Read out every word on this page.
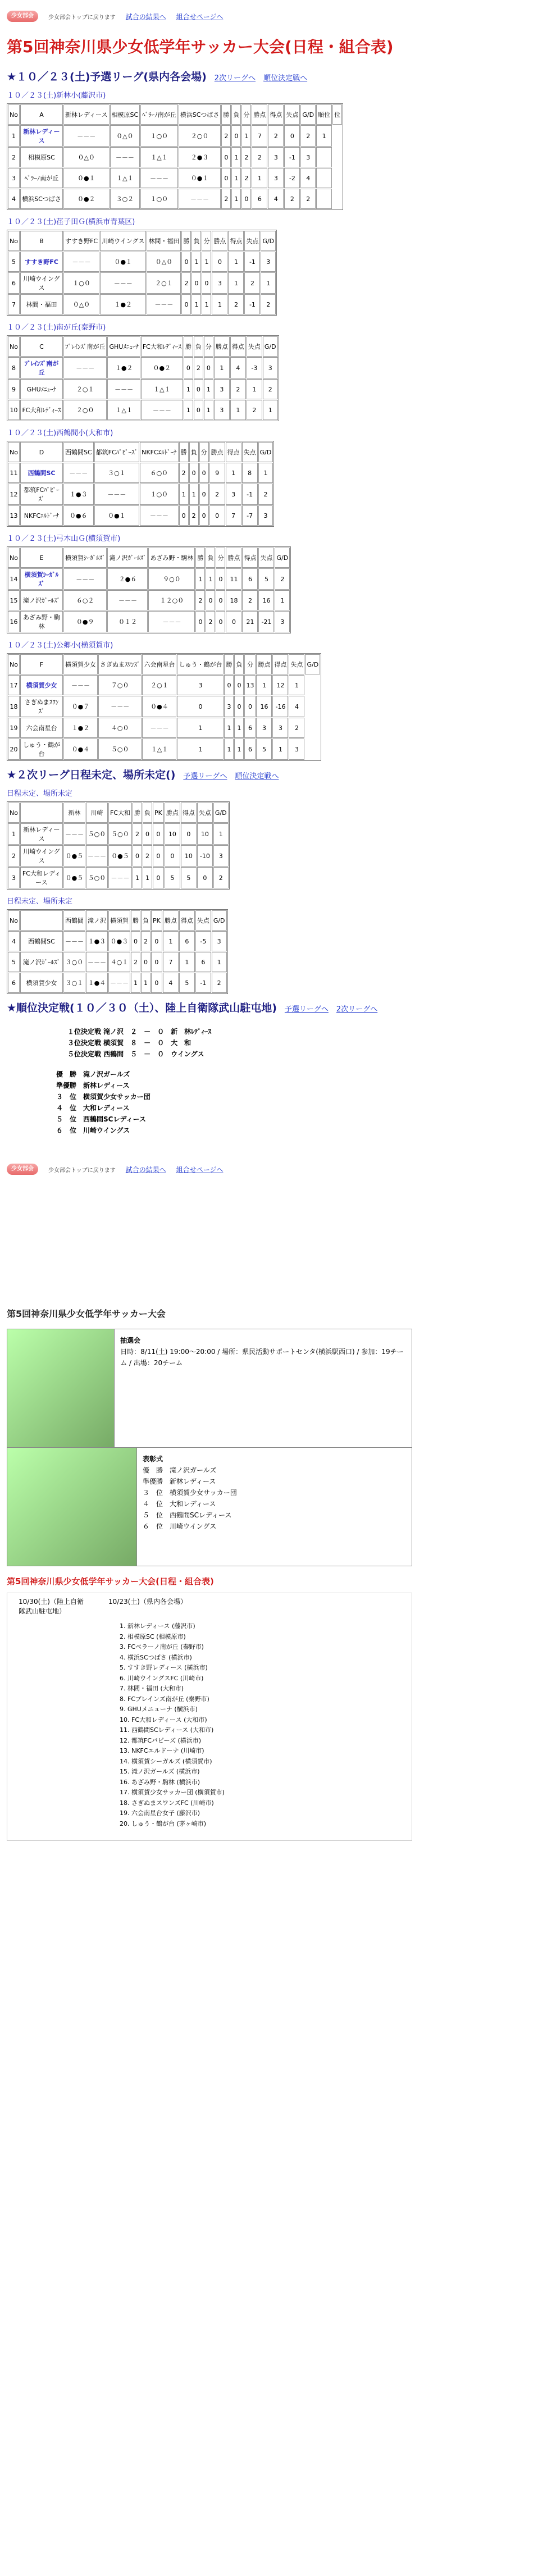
少女部会	少女部会トップに戻ります 試合の結果へ 組合せページへ
第5回神奈川県少女低学年サッカー大会(日程・組合表)
★１０／２３(土)予選リーグ(県内各会場) 2次リーグへ 順位決定戦へ
１０／２３(土)新林小(藤沢市)
No	A	新林レディース	相模原SC	ﾍﾞﾗｰﾉ南が丘	横浜SCつばさ	勝	負	分	勝点	得点	失点	G/D	順位	位
1	新林レディース	－－－	０△０	１○０	２○０	2	0	1	7	2	0	2	1	
2	相模原SC	０△０	－－－	１△１	２●３	0	1	2	2	3	-1	3		
3	ﾍﾞﾗｰﾉ南が丘	０●１	１△１	－－－	０●１	0	1	2	1	3	-2	4		
4	横浜SCつばさ	０●２	３○２	１○０	－－－	2	1	0	6	4	2	2		
１０／２３(土)荏子田Ｇ(横浜市青葉区)
No	B	すすき野FC	川崎ウイングス	林間・福田	勝	負	分	勝点	得点	失点	G/D
5	すすき野FC	－－－	０●１	０△０	0	1	1	0	1	-1	3
6	川崎ウイングス	１○０	－－－	２○１	2	0	0	3	1	2	1
7	林間・福田	０△０	１●２	－－－	0	1	1	1	2	-1	2
１０／２３(土)南が丘(秦野市)
No	C	ﾌﾞﾚｲﾝｽﾞ南が丘	GHUﾒﾆｭｰﾅ	FC大和ﾚﾃﾞｨｰｽ	勝	負	分	勝点	得点	失点	G/D
8	ﾌﾞﾚｲﾝｽﾞ南が丘	－－－	１●２	０●２	0	2	0	1	4	-3	3
9	GHUﾒﾆｭｰﾅ	２○１	－－－	１△１	1	0	1	3	2	1	2
10	FC大和ﾚﾃﾞｨｰｽ	２○０	１△１	－－－	1	0	1	3	1	2	1
１０／２３(土)西鶴間小(大和市)
No	D	西鶴間SC	都筑FCﾊﾟﾋﾟｰｽﾞ	NKFCｴﾙﾄﾞｰﾅ	勝	負	分	勝点	得点	失点	G/D
11	西鶴間SC	－－－	３○１	６○０	2	0	0	9	1	8	1
12	都筑FCﾊﾟﾋﾟｰｽﾞ	１●３	－－－	１○０	1	1	0	2	3	-1	2
13	NKFCｴﾙﾄﾞｰﾅ	０●６	０●１	－－－	0	2	0	0	7	-7	3
１０／２３(土)弓木山Ｇ(横須賀市)
No	E	横須賀ｼｰｶﾞﾙｽﾞ	滝ノ沢ｶﾞｰﾙｽﾞ	あざみ野・駒林	勝	負	分	勝点	得点	失点	G/D
14	横須賀ｼｰｶﾞﾙｽﾞ	－－－	２●６	９○０	1	1	0	11	6	5	2
15	滝ノ沢ｶﾞｰﾙｽﾞ	６○２	－－－	１２○０	2	0	0	18	2	16	1
16	あざみ野・駒林	０●９	０１２	－－－	0	2	0	0	21	-21	3
１０／２３(土)公郷小(横須賀市)
No	F	横須賀少女	さぎぬまｽﾜﾝｽﾞ	六会南星台	しゅう・鶴が台	勝	負	分	勝点	得点	失点	G/D
17	横須賀少女	－－－	７○０	２○１	3	0	0	13	1	12	1	
18	さぎぬまｽﾜﾝｽﾞ	０●７	－－－	０●４	0	3	0	0	16	-16	4	
19	六会南星台	１●２	４○０	－－－	1	1	1	6	3	3	2	
20	しゅう・鶴が台	０●４	５○０	１△１	1	1	1	6	5	1	3	
★２次リーグ日程未定、場所未定() 予選リーグへ 順位決定戦へ
日程未定、場所未定
No		新林	川崎	FC大和	勝	負	PK	勝点	得点	失点	G/D
1	新林レディース	－－－	５○０	５○０	2	0	0	10	0	10	1
2	川崎ウイングス	０●５	－－－	０●５	0	2	0	0	10	-10	3
3	FC大和レディース	０●５	５○０	－－－	1	1	0	5	5	0	2
日程未定、場所未定
No		西鶴間	滝ノ沢	横須賀	勝	負	PK	勝点	得点	失点	G/D
4	西鶴間SC	－－－	１●３	０●３	0	2	0	1	6	-5	3
5	滝ノ沢ｶﾞｰﾙｽﾞ	３○０	－－－	４○１	2	0	0	7	1	6	1
6	横須賀少女	３○１	１●４	－－－	1	1	0	4	5	-1	2
★順位決定戦(１０／３０（土）、陸上自衛隊武山駐屯地) 予選リーグへ 2次リーグへ
１位決定戦 滝ノ沢　２　－　０　新　林ﾚﾃﾞｨｰｽ
３位決定戦 横須賀　８　－　０　大　和
５位決定戦 西鶴間　５　－　０　ウイングス
優　勝　滝ノ沢ガールズ
準優勝　新林レディース
３　位　横須賀少女サッカー団
４　位　大和レディース
５　位　西鶴間SCレディース
６　位　川崎ウイングス
少女部会	少女部会トップに戻ります 試合の結果へ 組合せページへ
第5回神奈川県少女低学年サッカー大会
抽選会
日時：8/11(土) 19:00～20:00 / 場所：県民活動サポートセンタ(横浜駅西口) / 参加：19チーム / 出場：20チーム
表彰式
優　勝　滝ノ沢ガールズ
準優勝　新林レディース
３　位　横須賀少女サッカー団
４　位　大和レディース
５　位　西鶴間SCレディース
６　位　川崎ウイングス
第5回神奈川県少女低学年サッカー大会(日程・組合表)
10/30(土)（陸上自衛隊武山駐屯地）
10/23(土)（県内各会場）
1. 新林レディース (藤沢市)
2. 相模原SC (相模原市)
3. FCベラーノ南が丘 (秦野市)
4. 横浜SCつばさ (横浜市)
5. すすき野レディース (横浜市)
6. 川崎ウイングスFC (川崎市)
7. 林間・福田 (大和市)
8. FCブレインズ南が丘 (秦野市)
9. GHUメニューナ (横浜市)
10. FC大和レディース (大和市)
11. 西鶴間SCレディース (大和市)
12. 都筑FCパピーズ (横浜市)
13. NKFCエルドーナ (川崎市)
14. 横須賀シーガルズ (横須賀市)
15. 滝ノ沢ガールズ (横浜市)
16. あざみ野・駒林 (横浜市)
17. 横須賀少女サッカー団 (横須賀市)
18. さぎぬまスワンズFC (川崎市)
19. 六会南星台女子 (藤沢市)
20. しゅう・鶴が台 (茅ヶ崎市)
